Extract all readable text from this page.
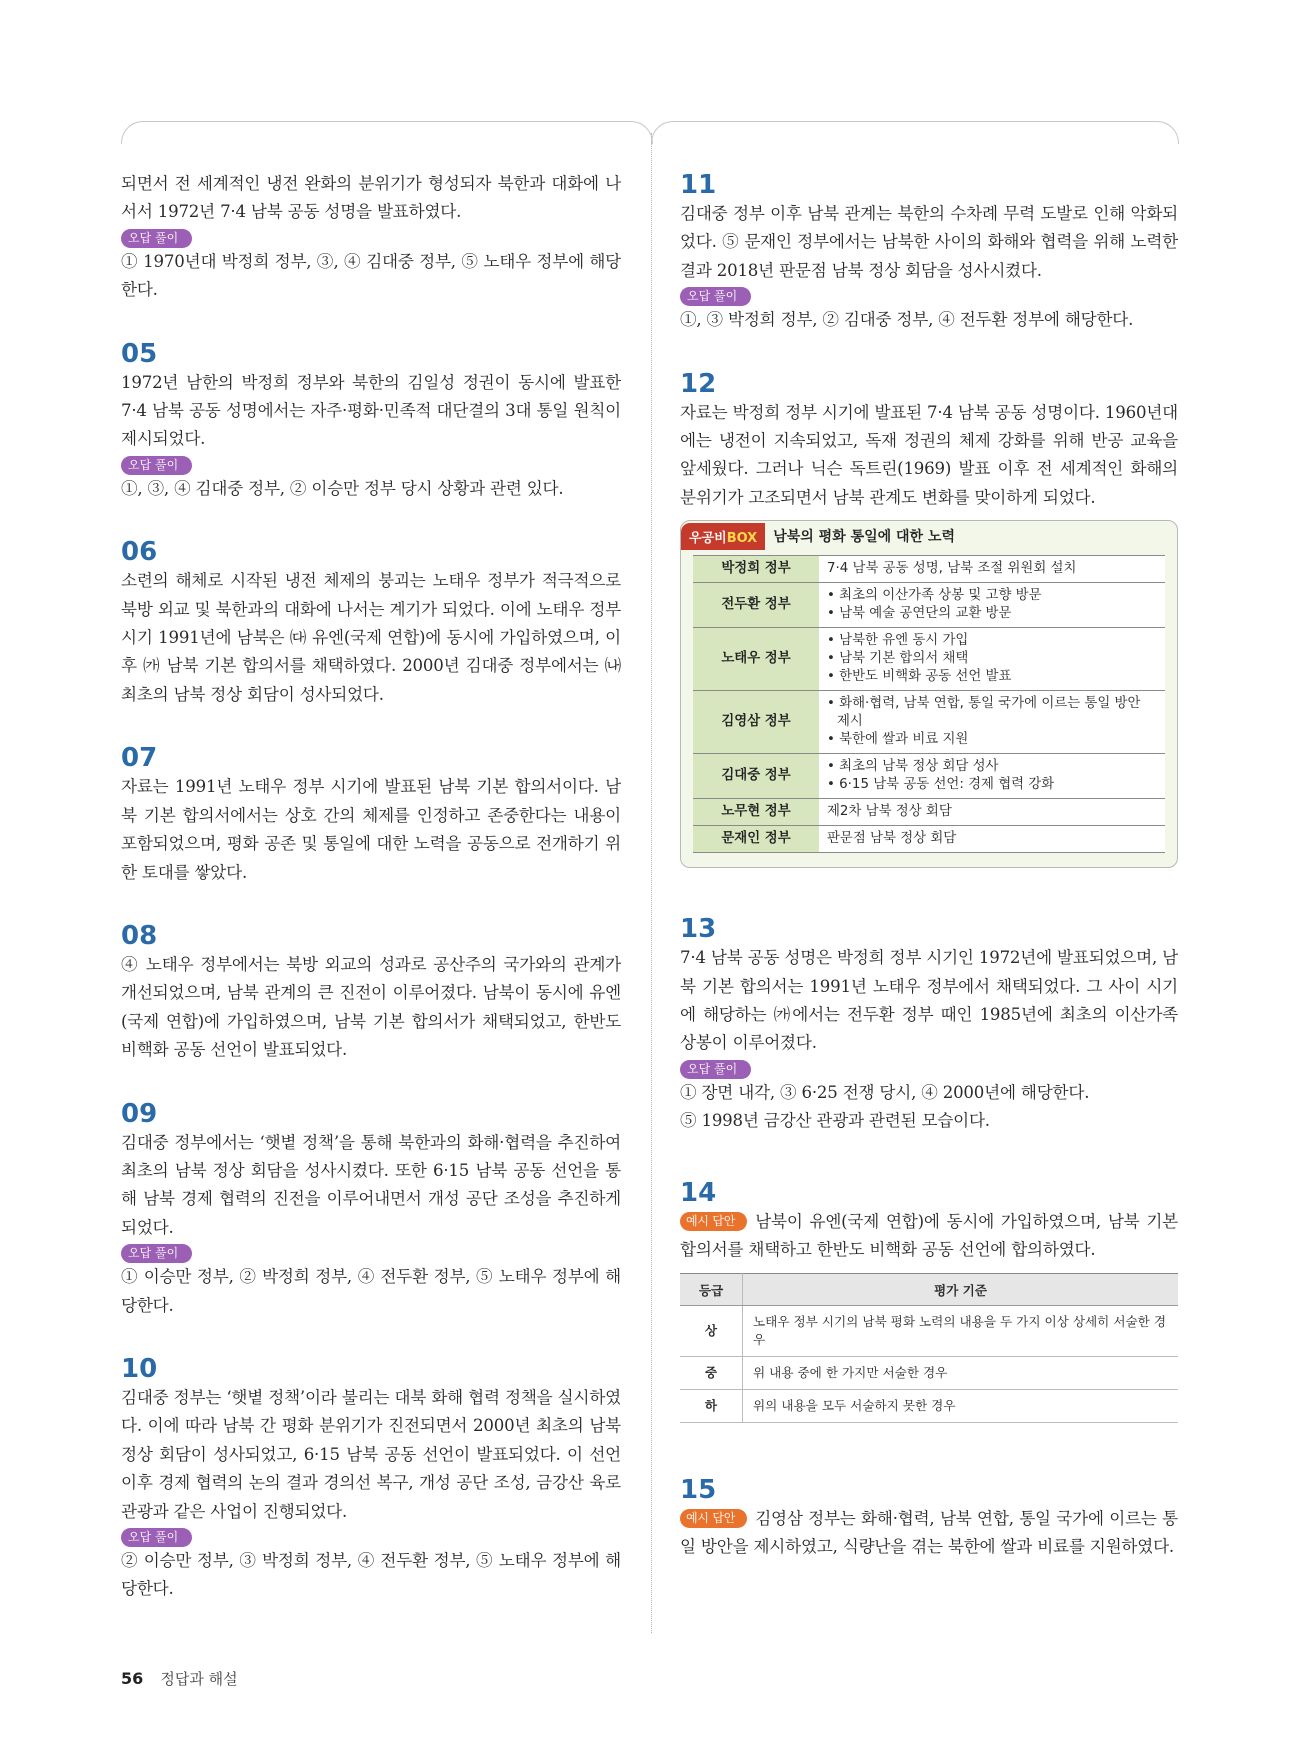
되면서 전 세계적인 냉전 완화의 분위기가 형성되자 북한과 대화에 나서서 1972년 7·4 남북 공동 성명을 발표하였다.

오답 풀이

① 1970년대 박정희 정부, ③, ④ 김대중 정부, ⑤ 노태우 정부에 해당한다.

05

1972년 남한의 박정희 정부와 북한의 김일성 정권이 동시에 발표한 7·4 남북 공동 성명에서는 자주·평화·민족적 대단결의 3대 통일 원칙이 제시되었다.

오답 풀이

①, ③, ④ 김대중 정부, ② 이승만 정부 당시 상황과 관련 있다.

06

소련의 해체로 시작된 냉전 체제의 붕괴는 노태우 정부가 적극적으로 북방 외교 및 북한과의 대화에 나서는 계기가 되었다. 이에 노태우 정부 시기 1991년에 남북은 ㈐ 유엔(국제 연합)에 동시에 가입하였으며, 이후 ㈎ 남북 기본 합의서를 채택하였다. 2000년 김대중 정부에서는 ㈏ 최초의 남북 정상 회담이 성사되었다.

07

자료는 1991년 노태우 정부 시기에 발표된 남북 기본 합의서이다. 남북 기본 합의서에서는 상호 간의 체제를 인정하고 존중한다는 내용이 포함되었으며, 평화 공존 및 통일에 대한 노력을 공동으로 전개하기 위한 토대를 쌓았다.

08

④ 노태우 정부에서는 북방 외교의 성과로 공산주의 국가와의 관계가 개선되었으며, 남북 관계의 큰 진전이 이루어졌다. 남북이 동시에 유엔(국제 연합)에 가입하였으며, 남북 기본 합의서가 채택되었고, 한반도 비핵화 공동 선언이 발표되었다.

09

김대중 정부에서는 ‘햇볕 정책’을 통해 북한과의 화해·협력을 추진하여 최초의 남북 정상 회담을 성사시켰다. 또한 6·15 남북 공동 선언을 통해 남북 경제 협력의 진전을 이루어내면서 개성 공단 조성을 추진하게 되었다.

오답 풀이

① 이승만 정부, ② 박정희 정부, ④ 전두환 정부, ⑤ 노태우 정부에 해당한다.

10

김대중 정부는 ‘햇볕 정책’이라 불리는 대북 화해 협력 정책을 실시하였다. 이에 따라 남북 간 평화 분위기가 진전되면서 2000년 최초의 남북 정상 회담이 성사되었고, 6·15 남북 공동 선언이 발표되었다. 이 선언 이후 경제 협력의 논의 결과 경의선 복구, 개성 공단 조성, 금강산 육로 관광과 같은 사업이 진행되었다.

오답 풀이

② 이승만 정부, ③ 박정희 정부, ④ 전두환 정부, ⑤ 노태우 정부에 해당한다.

11

김대중 정부 이후 남북 관계는 북한의 수차례 무력 도발로 인해 악화되었다. ⑤ 문재인 정부에서는 남북한 사이의 화해와 협력을 위해 노력한 결과 2018년 판문점 남북 정상 회담을 성사시켰다.

오답 풀이

①, ③ 박정희 정부, ② 김대중 정부, ④ 전두환 정부에 해당한다.

12

자료는 박정희 정부 시기에 발표된 7·4 남북 공동 성명이다. 1960년대에는 냉전이 지속되었고, 독재 정권의 체제 강화를 위해 반공 교육을 앞세웠다. 그러나 닉슨 독트린(1969) 발표 이후 전 세계적인 화해의 분위기가 고조되면서 남북 관계도 변화를 맞이하게 되었다.

우공비BOX	남북의 평화 통일에 대한 노력
박정희 정부	7·4 남북 공동 성명, 남북 조절 위원회 설치

전두환 정부	• 최초의 이산가족 상봉 및 고향 방문
• 남북 예술 공연단의 교환 방문

노태우 정부	• 남북한 유엔 동시 가입
• 남북 기본 합의서 채택
• 한반도 비핵화 공동 선언 발표

김영삼 정부	• 화해·협력, 남북 연합, 통일 국가에 이르는 통일 방안 제시
• 북한에 쌀과 비료 지원

김대중 정부	• 최초의 남북 정상 회담 성사
• 6·15 남북 공동 선언: 경제 협력 강화

노무현 정부	제2차 남북 정상 회담

문재인 정부	판문점 남북 정상 회담
13

7·4 남북 공동 성명은 박정희 정부 시기인 1972년에 발표되었으며, 남북 기본 합의서는 1991년 노태우 정부에서 채택되었다. 그 사이 시기에 해당하는 ㈎에서는 전두환 정부 때인 1985년에 최초의 이산가족 상봉이 이루어졌다.

오답 풀이

① 장면 내각, ③ 6·25 전쟁 당시, ④ 2000년에 해당한다.

⑤ 1998년 금강산 관광과 관련된 모습이다.

14

예시 답안 남북이 유엔(국제 연합)에 동시에 가입하였으며, 남북 기본 합의서를 채택하고 한반도 비핵화 공동 선언에 합의하였다.

등급	평가 기준
상	노태우 정부 시기의 남북 평화 노력의 내용을 두 가지 이상 상세히 서술한 경우
중	위 내용 중에 한 가지만 서술한 경우
하	위의 내용을 모두 서술하지 못한 경우
15

예시 답안 김영삼 정부는 화해·협력, 남북 연합, 통일 국가에 이르는 통일 방안을 제시하였고, 식량난을 겪는 북한에 쌀과 비료를 지원하였다.

56 정답과 해설
